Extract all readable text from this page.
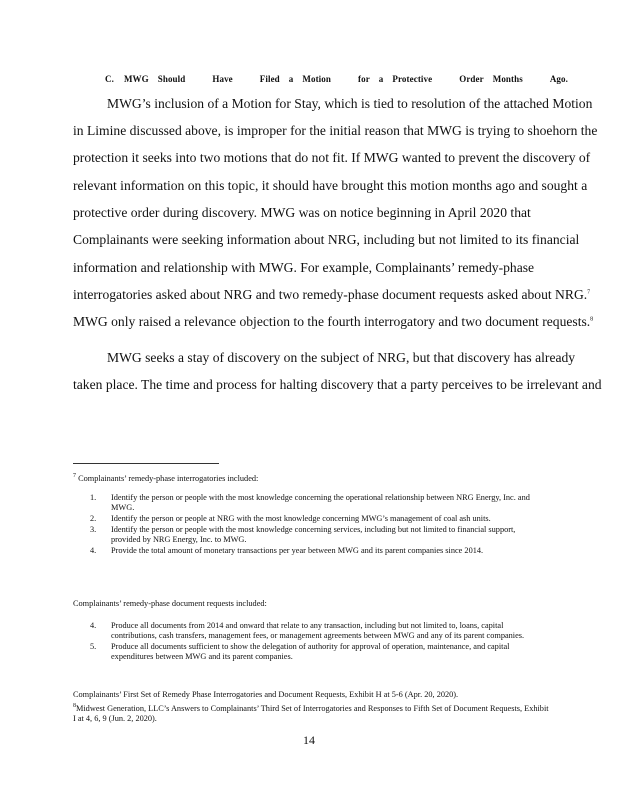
C. MWG Should	Have	Filed a Motion	for a Protective	Order Months	Ago.
MWG’s inclusion of a Motion for Stay, which is tied to resolution of the attached Motion
in Limine discussed above, is improper for the initial reason that MWG is trying to shoehorn the
protection it seeks into two motions that do not fit. If MWG wanted to prevent the discovery of
relevant information on this topic, it should have brought this motion months ago and sought a
protective order during discovery. MWG was on notice beginning in April 2020 that
Complainants were seeking information about NRG, including but not limited to its financial
information and relationship with MWG. For example, Complainants’ remedy-phase
interrogatories asked about NRG and two remedy-phase document requests asked about NRG.$^7$
MWG only raised a relevance objection to the fourth interrogatory and two document requests.$^8$
MWG seeks a stay of discovery on the subject of NRG, but that discovery has already
taken place. The time and process for halting discovery that a party perceives to be irrelevant and
$^7$ Complainants’ remedy-phase interrogatories included:
1. Identify the person or people with the most knowledge concerning the operational relationship between NRG Energy, Inc. and MWG.
2. Identify the person or people at NRG with the most knowledge concerning MWG’s management of coal ash units.
3. Identify the person or people with the most knowledge concerning services, including but not limited to financial support, provided by NRG Energy, Inc. to MWG.
4. Provide the total amount of monetary transactions per year between MWG and its parent companies since 2014.
Complainants’ remedy-phase document requests included:
4. Produce all documents from 2014 and onward that relate to any transaction, including but not limited to, loans, capital contributions, cash transfers, management fees, or management agreements between MWG and any of its parent companies.
5. Produce all documents sufficient to show the delegation of authority for approval of operation, maintenance, and capital expenditures between MWG and its parent companies.
Complainants’ First Set of Remedy Phase Interrogatories and Document Requests, Exhibit H at 5-6 (Apr. 20, 2020).
$^8$Midwest Generation, LLC’s Answers to Complainants’ Third Set of Interrogatories and Responses to Fifth Set of Document Requests, Exhibit I at 4, 6, 9 (Jun. 2, 2020).
14
